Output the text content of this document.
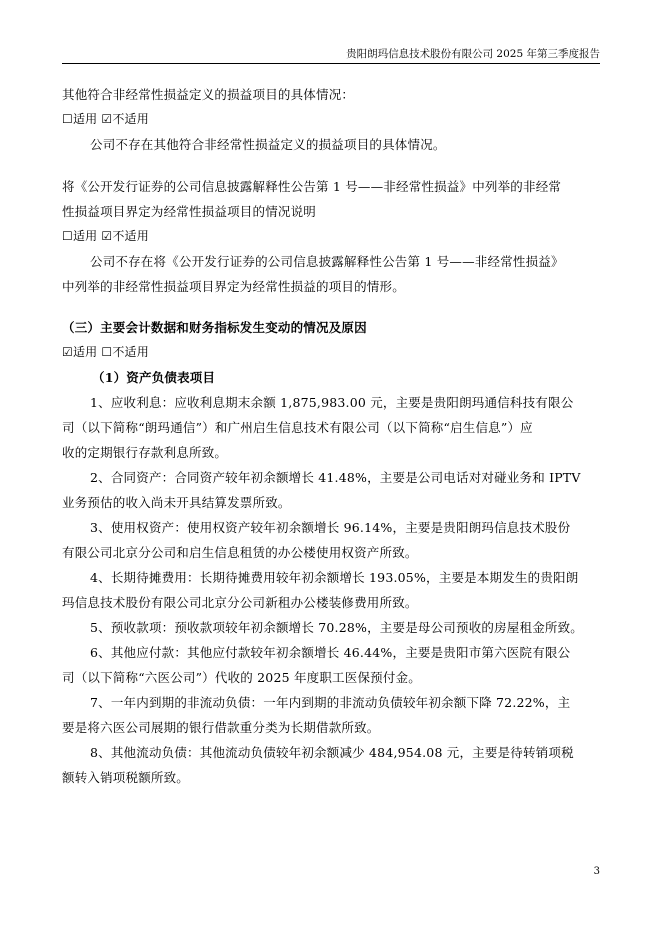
贵阳朗玛信息技术股份有限公司 2025 年第三季度报告
其他符合非经常性损益定义的损益项目的具体情况：
☐适用 ☑不适用
公司不存在其他符合非经常性损益定义的损益项目的具体情况。
将《公开发行证券的公司信息披露解释性公告第 1 号——非经常性损益》中列举的非经常
性损益项目界定为经常性损益项目的情况说明
☐适用 ☑不适用
公司不存在将《公开发行证券的公司信息披露解释性公告第 1 号——非经常性损益》
中列举的非经常性损益项目界定为经常性损益的项目的情形。
（三）主要会计数据和财务指标发生变动的情况及原因
☑适用 ☐不适用
（1）资产负债表项目
1、应收利息：应收利息期末余额 1,875,983.00 元，主要是贵阳朗玛通信科技有限公
司（以下简称“朗玛通信”）和广州启生信息技术有限公司（以下简称“启生信息”）应
收的定期银行存款利息所致。
2、合同资产：合同资产较年初余额增长 41.48%，主要是公司电话对对碰业务和 IPTV
业务预估的收入尚未开具结算发票所致。
3、使用权资产：使用权资产较年初余额增长 96.14%，主要是贵阳朗玛信息技术股份
有限公司北京分公司和启生信息租赁的办公楼使用权资产所致。
4、长期待摊费用：长期待摊费用较年初余额增长 193.05%，主要是本期发生的贵阳朗
玛信息技术股份有限公司北京分公司新租办公楼装修费用所致。
5、预收款项：预收款项较年初余额增长 70.28%，主要是母公司预收的房屋租金所致。
6、其他应付款：其他应付款较年初余额增长 46.44%，主要是贵阳市第六医院有限公
司（以下简称“六医公司”）代收的 2025 年度职工医保预付金。
7、一年内到期的非流动负债：一年内到期的非流动负债较年初余额下降 72.22%，主
要是将六医公司展期的银行借款重分类为长期借款所致。
8、其他流动负债：其他流动负债较年初余额减少 484,954.08 元，主要是待转销项税
额转入销项税额所致。
3
